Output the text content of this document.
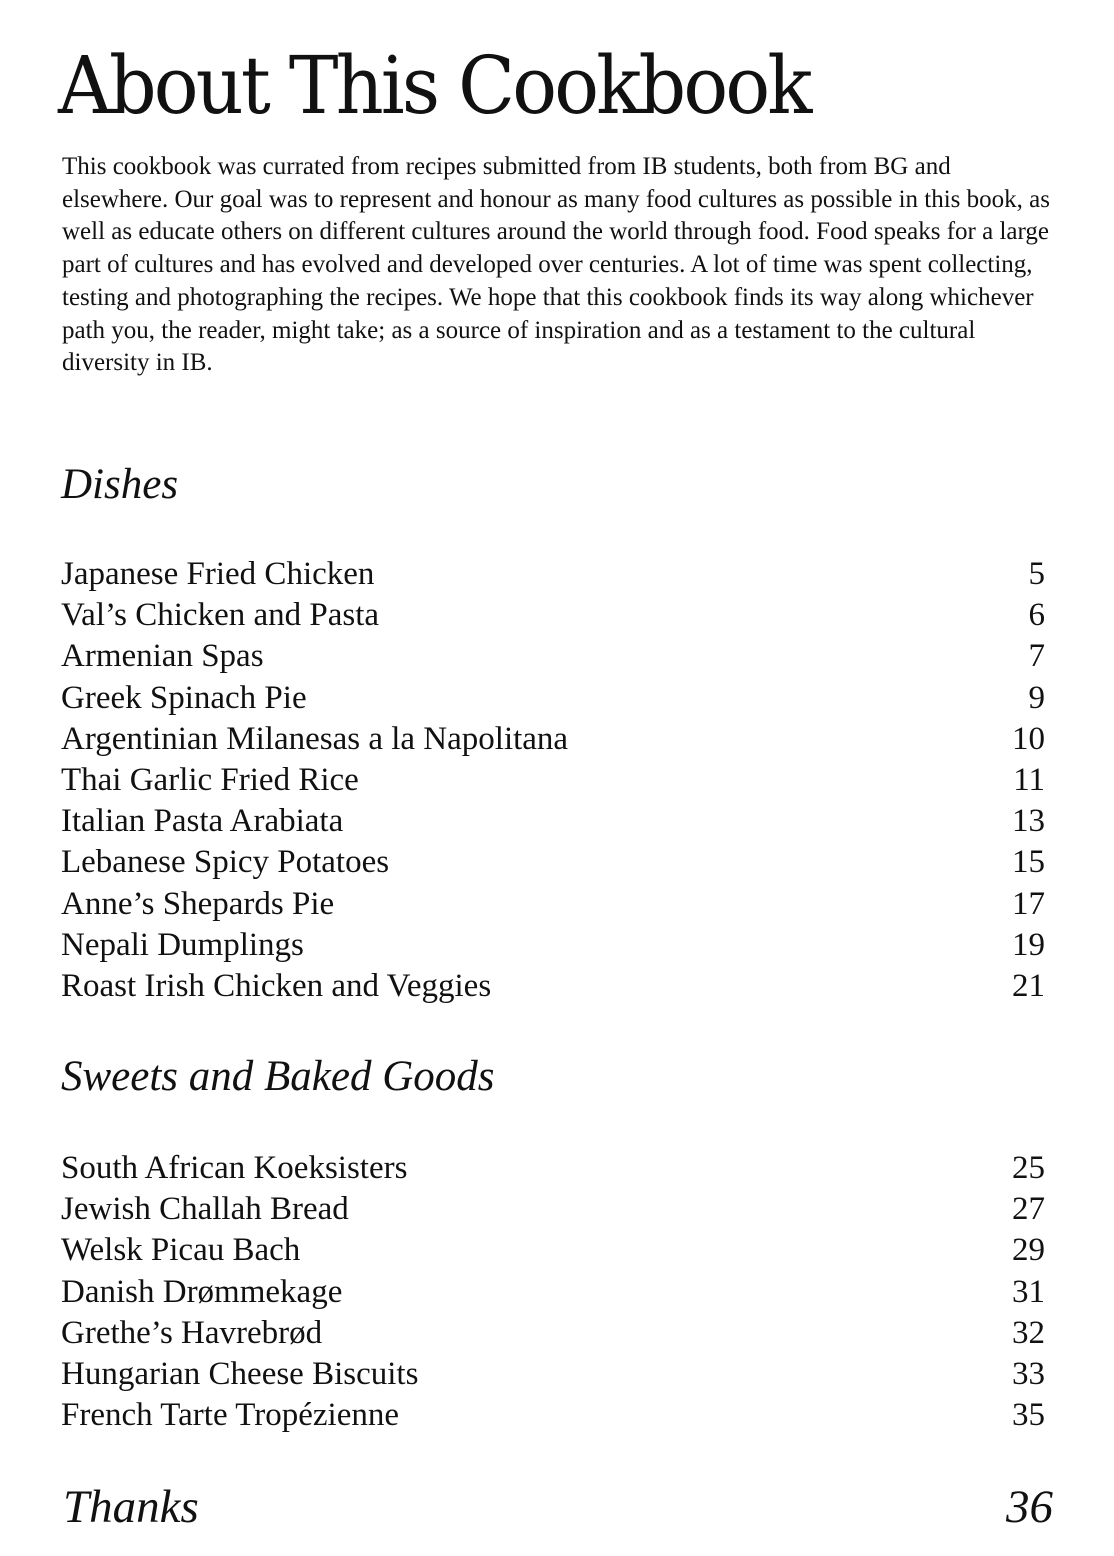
About This Cookbook

This cookbook was currated from recipes submitted from IB students, both from BG and elsewhere. Our goal was to represent and honour as many food cultures as possible in this book, as well as educate others on different cultures around the world through food. Food speaks for a large part of cultures and has evolved and developed over centuries. A lot of time was spent collecting, testing and photographing the recipes. We hope that this cookbook finds its way along whichever path you, the reader, might take; as a source of inspiration and as a testament to the cultural diversity in IB.

Dishes
Japanese Fried Chicken	5
Val’s Chicken and Pasta	6
Armenian Spas	7
Greek Spinach Pie	9
Argentinian Milanesas a la Napolitana	10
Thai Garlic Fried Rice	11
Italian Pasta Arabiata	13
Lebanese Spicy Potatoes	15
Anne’s Shepards Pie	17
Nepali Dumplings	19
Roast Irish Chicken and Veggies	21
Sweets and Baked Goods
South African Koeksisters	25
Jewish Challah Bread	27
Welsk Picau Bach	29
Danish Drømmekage	31
Grethe’s Havrebrød	32
Hungarian Cheese Biscuits	33
French Tarte Tropézienne	35
Thanks	36
